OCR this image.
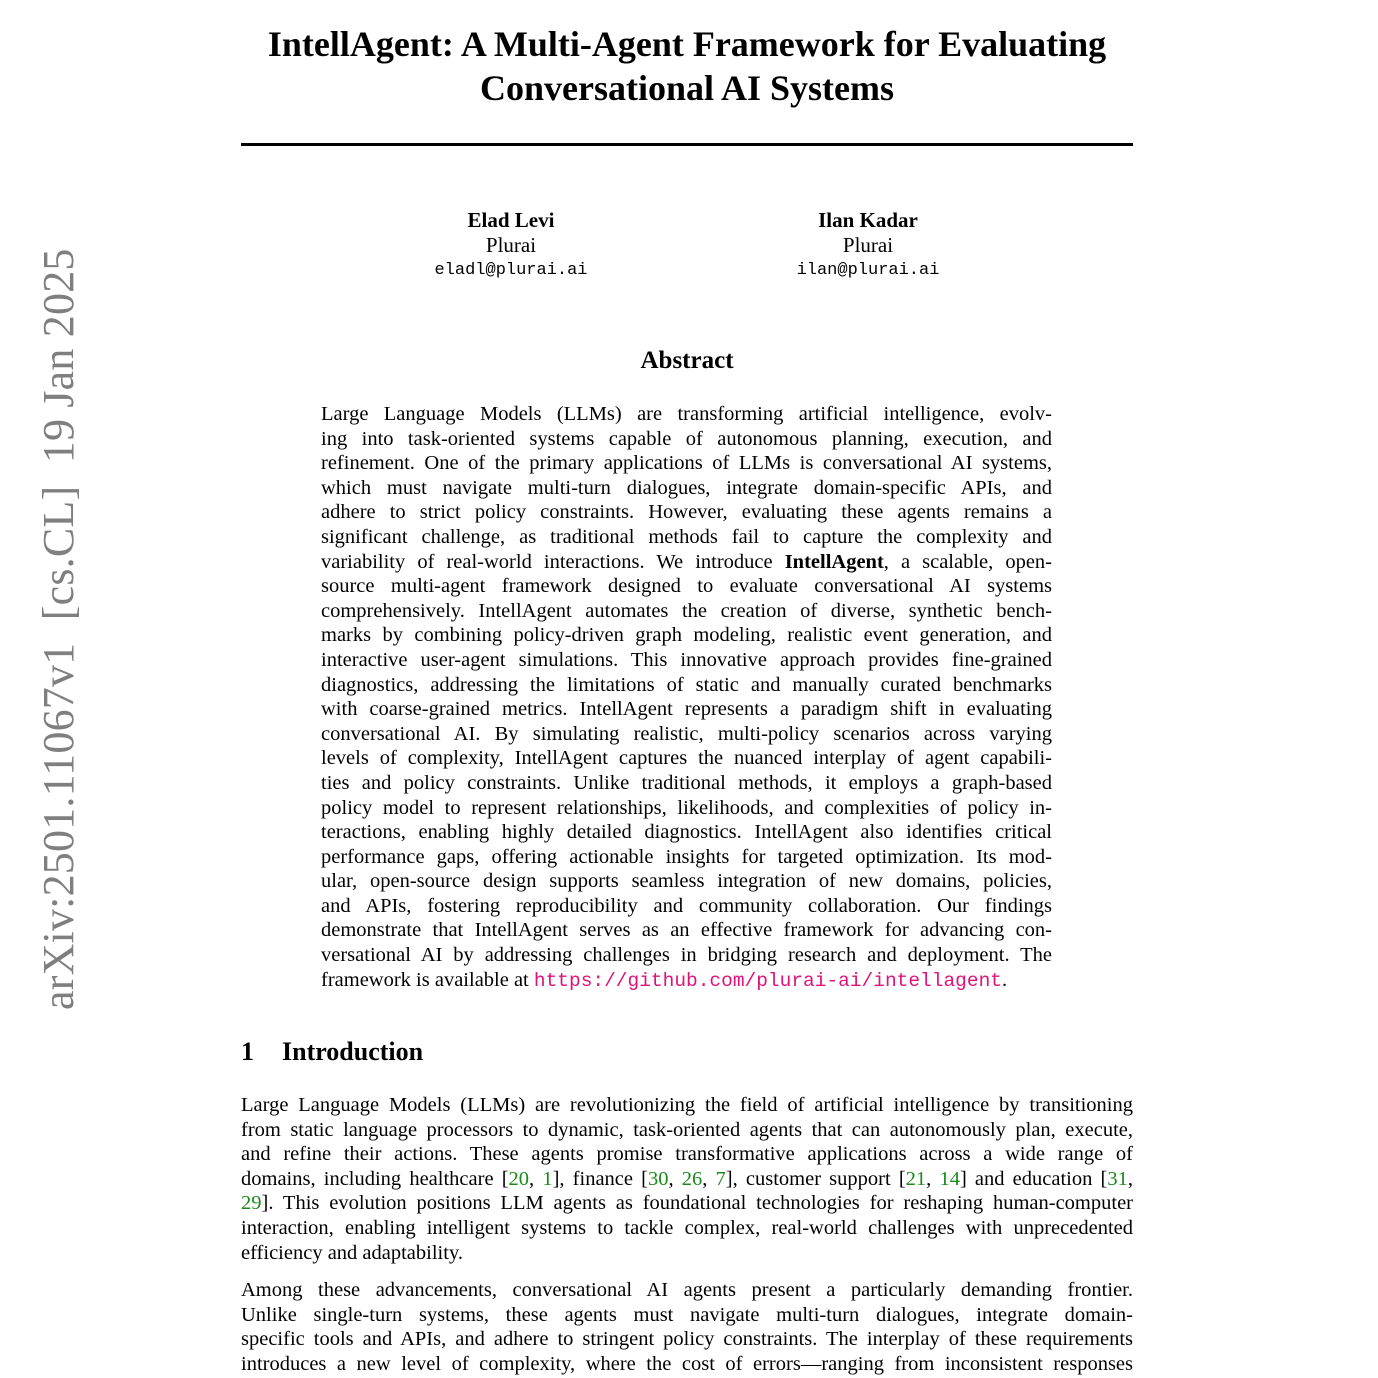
arXiv:2501.11067v1  [cs.CL]  19 Jan 2025
IntellAgent: A Multi-Agent Framework for Evaluating
Conversational AI Systems
Elad Levi
Plurai
eladl@plurai.ai
Ilan Kadar
Plurai
ilan@plurai.ai
Abstract
Large Language Models (LLMs) are transforming artificial intelligence, evolv-
ing into task-oriented systems capable of autonomous planning, execution, and
refinement. One of the primary applications of LLMs is conversational AI systems,
which must navigate multi-turn dialogues, integrate domain-specific APIs, and
adhere to strict policy constraints. However, evaluating these agents remains a
significant challenge, as traditional methods fail to capture the complexity and
variability of real-world interactions. We introduce IntellAgent, a scalable, open-
source multi-agent framework designed to evaluate conversational AI systems
comprehensively. IntellAgent automates the creation of diverse, synthetic bench-
marks by combining policy-driven graph modeling, realistic event generation, and
interactive user-agent simulations. This innovative approach provides fine-grained
diagnostics, addressing the limitations of static and manually curated benchmarks
with coarse-grained metrics. IntellAgent represents a paradigm shift in evaluating
conversational AI. By simulating realistic, multi-policy scenarios across varying
levels of complexity, IntellAgent captures the nuanced interplay of agent capabili-
ties and policy constraints. Unlike traditional methods, it employs a graph-based
policy model to represent relationships, likelihoods, and complexities of policy in-
teractions, enabling highly detailed diagnostics. IntellAgent also identifies critical
performance gaps, offering actionable insights for targeted optimization. Its mod-
ular, open-source design supports seamless integration of new domains, policies,
and APIs, fostering reproducibility and community collaboration. Our findings
demonstrate that IntellAgent serves as an effective framework for advancing con-
versational AI by addressing challenges in bridging research and deployment. The
framework is available at https://github.com/plurai-ai/intellagent.
1 Introduction
Large Language Models (LLMs) are revolutionizing the field of artificial intelligence by transitioning
from static language processors to dynamic, task-oriented agents that can autonomously plan, execute,
and refine their actions. These agents promise transformative applications across a wide range of
domains, including healthcare [20, 1], finance [30, 26, 7], customer support [21, 14] and education [31,
29]. This evolution positions LLM agents as foundational technologies for reshaping human-computer
interaction, enabling intelligent systems to tackle complex, real-world challenges with unprecedented
efficiency and adaptability.
Among these advancements, conversational AI agents present a particularly demanding frontier.
Unlike single-turn systems, these agents must navigate multi-turn dialogues, integrate domain-
specific tools and APIs, and adhere to stringent policy constraints. The interplay of these requirements
introduces a new level of complexity, where the cost of errors—ranging from inconsistent responses
